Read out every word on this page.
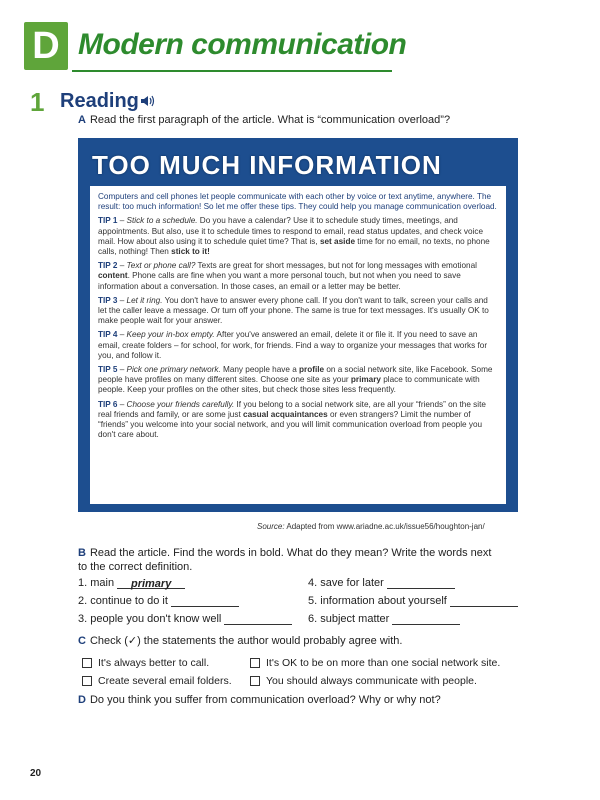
D Modern communication
1 Reading
A Read the first paragraph of the article. What is “communication overload”?
TOO MUCH INFORMATION

Computers and cell phones let people communicate with each other by voice or text anytime, anywhere. The result: too much information! So let me offer these tips. They could help you manage communication overload.

TIP 1 – Stick to a schedule. Do you have a calendar? Use it to schedule study times, meetings, and appointments. But also, use it to schedule times to respond to email, read status updates, and check voice mail. How about also using it to schedule quiet time? That is, set aside time for no email, no texts, no phone calls, nothing! Then stick to it!

TIP 2 – Text or phone call? Texts are great for short messages, but not for long messages with emotional content. Phone calls are fine when you want a more personal touch, but not when you need to save information about a conversation. In those cases, an email or a letter may be better.

TIP 3 – Let it ring. You don't have to answer every phone call. If you don't want to talk, screen your calls and let the caller leave a message. Or turn off your phone. The same is true for text messages. It's usually OK to make people wait for your answer.

TIP 4 – Keep your in-box empty. After you've answered an email, delete it or file it. If you need to save an email, create folders – for school, for work, for friends. Find a way to organize your messages that works for you, and follow it.

TIP 5 – Pick one primary network. Many people have a profile on a social network site, like Facebook. Some people have profiles on many different sites. Choose one site as your primary place to communicate with people. Keep your profiles on the other sites, but check those sites less frequently.

TIP 6 – Choose your friends carefully. If you belong to a social network site, are all your “friends” on the site real friends and family, or are some just casual acquaintances or even strangers? Limit the number of “friends” you welcome into your social network, and you will limit communication overload from people you don't care about.

Source: Adapted from www.ariadne.ac.uk/issue56/houghton-jan/
B Read the article. Find the words in bold. What do they mean? Write the words next to the correct definition.
1. main primary	4. save for later
2. continue to do it	5. information about yourself
3. people you don't know well	6. subject matter
C Check (✓) the statements the author would probably agree with.
It's always better to call.	It's OK to be on more than one social network site.
Create several email folders.	You should always communicate with people.
D Do you think you suffer from communication overload? Why or why not?
20
